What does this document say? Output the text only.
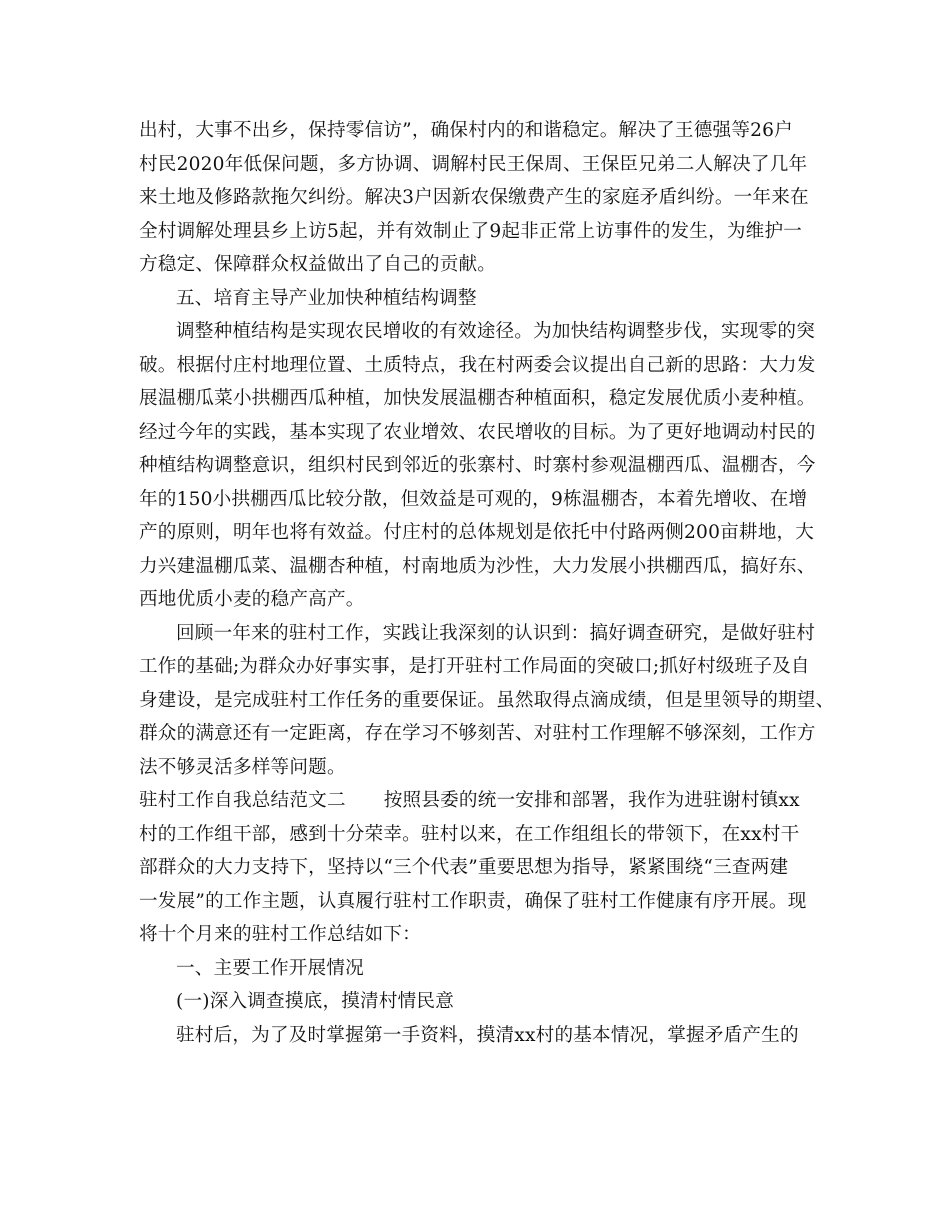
出村，大事不出乡，保持零信访”，确保村内的和谐稳定。解决了王德强等26户
村民2020年低保问题，多方协调、调解村民王保周、王保臣兄弟二人解决了几年
来土地及修路款拖欠纠纷。解决3户因新农保缴费产生的家庭矛盾纠纷。一年来在
全村调解处理县乡上访5起，并有效制止了9起非正常上访事件的发生，为维护一
方稳定、保障群众权益做出了自己的贡献。
五、培育主导产业加快种植结构调整
调整种植结构是实现农民增收的有效途径。为加快结构调整步伐，实现零的突
破。根据付庄村地理位置、土质特点，我在村两委会议提出自己新的思路：大力发
展温棚瓜菜小拱棚西瓜种植，加快发展温棚杏种植面积，稳定发展优质小麦种植。
经过今年的实践，基本实现了农业增效、农民增收的目标。为了更好地调动村民的
种植结构调整意识，组织村民到邻近的张寨村、时寨村参观温棚西瓜、温棚杏，今
年的150小拱棚西瓜比较分散，但效益是可观的，9栋温棚杏，本着先增收、在增
产的原则，明年也将有效益。付庄村的总体规划是依托中付路两侧200亩耕地，大
力兴建温棚瓜菜、温棚杏种植，村南地质为沙性，大力发展小拱棚西瓜，搞好东、
西地优质小麦的稳产高产。
回顾一年来的驻村工作，实践让我深刻的认识到：搞好调查研究，是做好驻村
工作的基础;为群众办好事实事，是打开驻村工作局面的突破口;抓好村级班子及自
身建设，是完成驻村工作任务的重要保证。虽然取得点滴成绩，但是里领导的期望、
群众的满意还有一定距离，存在学习不够刻苦、对驻村工作理解不够深刻，工作方
法不够灵活多样等问题。
驻村工作自我总结范文二 按照县委的统一安排和部署，我作为进驻谢村镇xx
村的工作组干部，感到十分荣幸。驻村以来，在工作组组长的带领下，在xx村干
部群众的大力支持下，坚持以“三个代表”重要思想为指导，紧紧围绕“三查两建
一发展”的工作主题，认真履行驻村工作职责，确保了驻村工作健康有序开展。现
将十个月来的驻村工作总结如下：
一、主要工作开展情况
(一)深入调查摸底，摸清村情民意
驻村后，为了及时掌握第一手资料，摸清xx村的基本情况，掌握矛盾产生的
